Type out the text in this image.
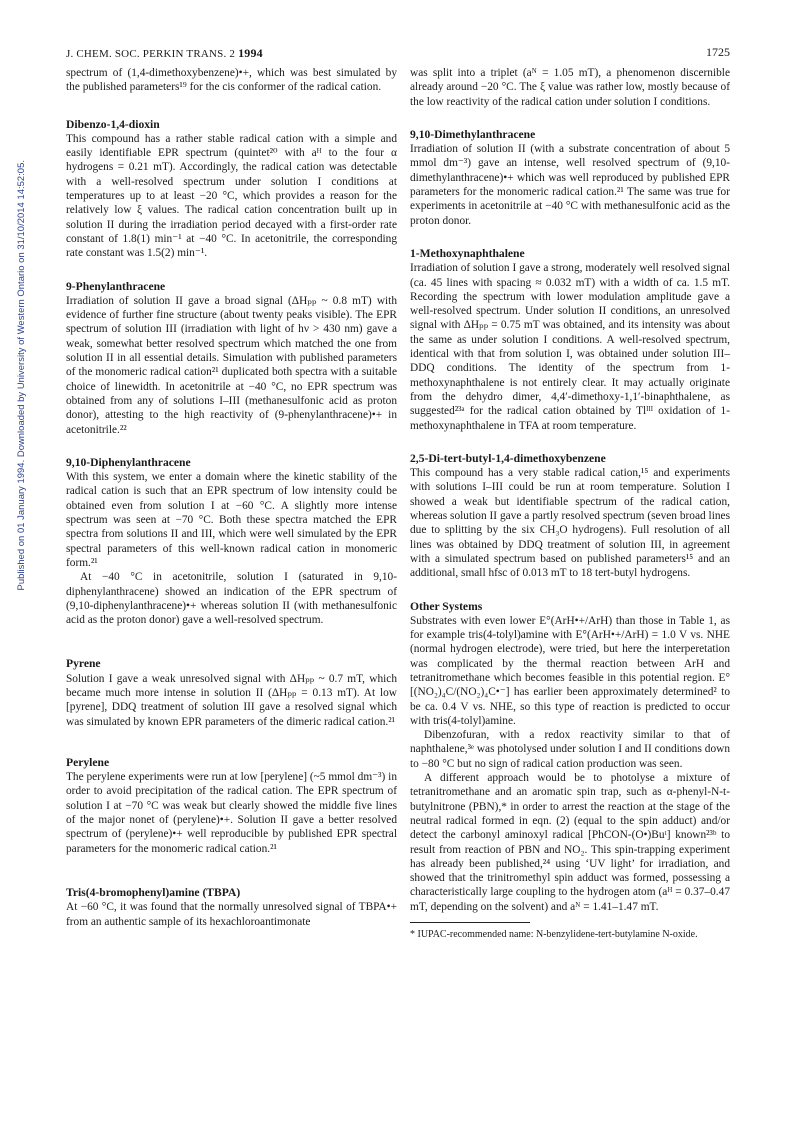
Published on 01 January 1994. Downloaded by University of Western Ontario on 31/10/2014 14:52:05.
J. CHEM. SOC. PERKIN TRANS. 2 1994	1725

spectrum of (1,4-dimethoxybenzene)•+, which was best simulated by the published parameters¹⁹ for the cis conformer of the radical cation.

Dibenzo-1,4-dioxin

This compound has a rather stable radical cation with a simple and easily identifiable EPR spectrum (quintet²⁰ with aᴴ to the four α hydrogens = 0.21 mT). Accordingly, the radical cation was detectable with a well-resolved spectrum under solution I conditions at temperatures up to at least −20 °C, which provides a reason for the relatively low ξ values. The radical cation concentration built up in solution II during the irradiation period decayed with a first-order rate constant of 1.8(1) min⁻¹ at −40 °C. In acetonitrile, the corresponding rate constant was 1.5(2) min⁻¹.

9-Phenylanthracene

Irradiation of solution II gave a broad signal (ΔHₚₚ ~ 0.8 mT) with evidence of further fine structure (about twenty peaks visible). The EPR spectrum of solution III (irradiation with light of hν > 430 nm) gave a weak, somewhat better resolved spectrum which matched the one from solution II in all essential details. Simulation with published parameters of the monomeric radical cation²¹ duplicated both spectra with a suitable choice of linewidth. In acetonitrile at −40 °C, no EPR spectrum was obtained from any of solutions I–III (methanesulfonic acid as proton donor), attesting to the high reactivity of (9-phenylanthracene)•+ in acetonitrile.²²

9,10-Diphenylanthracene

With this system, we enter a domain where the kinetic stability of the radical cation is such that an EPR spectrum of low intensity could be obtained even from solution I at −60 °C. A slightly more intense spectrum was seen at −70 °C. Both these spectra matched the EPR spectra from solutions II and III, which were well simulated by the EPR spectral parameters of this well-known radical cation in monomeric form.²¹

At −40 °C in acetonitrile, solution I (saturated in 9,10-diphenylanthracene) showed an indication of the EPR spectrum of (9,10-diphenylanthracene)•+ whereas solution II (with methanesulfonic acid as the proton donor) gave a well-resolved spectrum.

Pyrene

Solution I gave a weak unresolved signal with ΔHₚₚ ~ 0.7 mT, which became much more intense in solution II (ΔHₚₚ = 0.13 mT). At low [pyrene], DDQ treatment of solution III gave a resolved signal which was simulated by known EPR parameters of the dimeric radical cation.²¹

Perylene

The perylene experiments were run at low [perylene] (~5 mmol dm⁻³) in order to avoid precipitation of the radical cation. The EPR spectrum of solution I at −70 °C was weak but clearly showed the middle five lines of the major nonet of (perylene)•+. Solution II gave a better resolved spectrum of (perylene)•+ well reproducible by published EPR spectral parameters for the monomeric radical cation.²¹

Tris(4-bromophenyl)amine (TBPA)

At −60 °C, it was found that the normally unresolved signal of TBPA•+ from an authentic sample of its hexachloroantimonate

was split into a triplet (aᴺ = 1.05 mT), a phenomenon discernible already around −20 °C. The ξ value was rather low, mostly because of the low reactivity of the radical cation under solution I conditions.

9,10-Dimethylanthracene

Irradiation of solution II (with a substrate concentration of about 5 mmol dm⁻³) gave an intense, well resolved spectrum of (9,10-dimethylanthracene)•+ which was well reproduced by published EPR parameters for the monomeric radical cation.²¹ The same was true for experiments in acetonitrile at −40 °C with methanesulfonic acid as the proton donor.

1-Methoxynaphthalene

Irradiation of solution I gave a strong, moderately well resolved signal (ca. 45 lines with spacing ≈ 0.032 mT) with a width of ca. 1.5 mT. Recording the spectrum with lower modulation amplitude gave a well-resolved spectrum. Under solution II conditions, an unresolved signal with ΔHₚₚ = 0.75 mT was obtained, and its intensity was about the same as under solution I conditions. A well-resolved spectrum, identical with that from solution I, was obtained under solution III–DDQ conditions. The identity of the spectrum from 1-methoxynaphthalene is not entirely clear. It may actually originate from the dehydro dimer, 4,4′-dimethoxy-1,1′-binaphthalene, as suggested²³ᵃ for the radical cation obtained by Tlᴵᴵᴵ oxidation of 1-methoxynaphthalene in TFA at room temperature.

2,5-Di-tert-butyl-1,4-dimethoxybenzene

This compound has a very stable radical cation,¹⁵ and experiments with solutions I–III could be run at room temperature. Solution I showed a weak but identifiable spectrum of the radical cation, whereas solution II gave a partly resolved spectrum (seven broad lines due to splitting by the six CH₃O hydrogens). Full resolution of all lines was obtained by DDQ treatment of solution III, in agreement with a simulated spectrum based on published parameters¹⁵ and an additional, small hfsc of 0.013 mT to 18 tert-butyl hydrogens.

Other Systems

Substrates with even lower E°(ArH•+/ArH) than those in Table 1, as for example tris(4-tolyl)amine with E°(ArH•+/ArH) = 1.0 V vs. NHE (normal hydrogen electrode), were tried, but here the interperetation was complicated by the thermal reaction between ArH and tetranitromethane which becomes feasible in this potential region. E°[(NO₂)₄C/(NO₂)₄C•⁻] has earlier been approximately determined² to be ca. 0.4 V vs. NHE, so this type of reaction is predicted to occur with tris(4-tolyl)amine.

Dibenzofuran, with a redox reactivity similar to that of naphthalene,³ᵉ was photolysed under solution I and II conditions down to −80 °C but no sign of radical cation production was seen.

A different approach would be to photolyse a mixture of tetranitromethane and an aromatic spin trap, such as α-phenyl-N-t-butylnitrone (PBN),* in order to arrest the reaction at the stage of the neutral radical formed in eqn. (2) (equal to the spin adduct) and/or detect the carbonyl aminoxyl radical [PhCON-(O•)Buᵗ] known²³ᵇ to result from reaction of PBN and NO₂. This spin-trapping experiment has already been published,²⁴ using ‘UV light’ for irradiation, and showed that the trinitromethyl spin adduct was formed, possessing a characteristically large coupling to the hydrogen atom (aᴴ = 0.37–0.47 mT, depending on the solvent) and aᴺ = 1.41–1.47 mT.

* IUPAC-recommended name: N-benzylidene-tert-butylamine N-oxide.
